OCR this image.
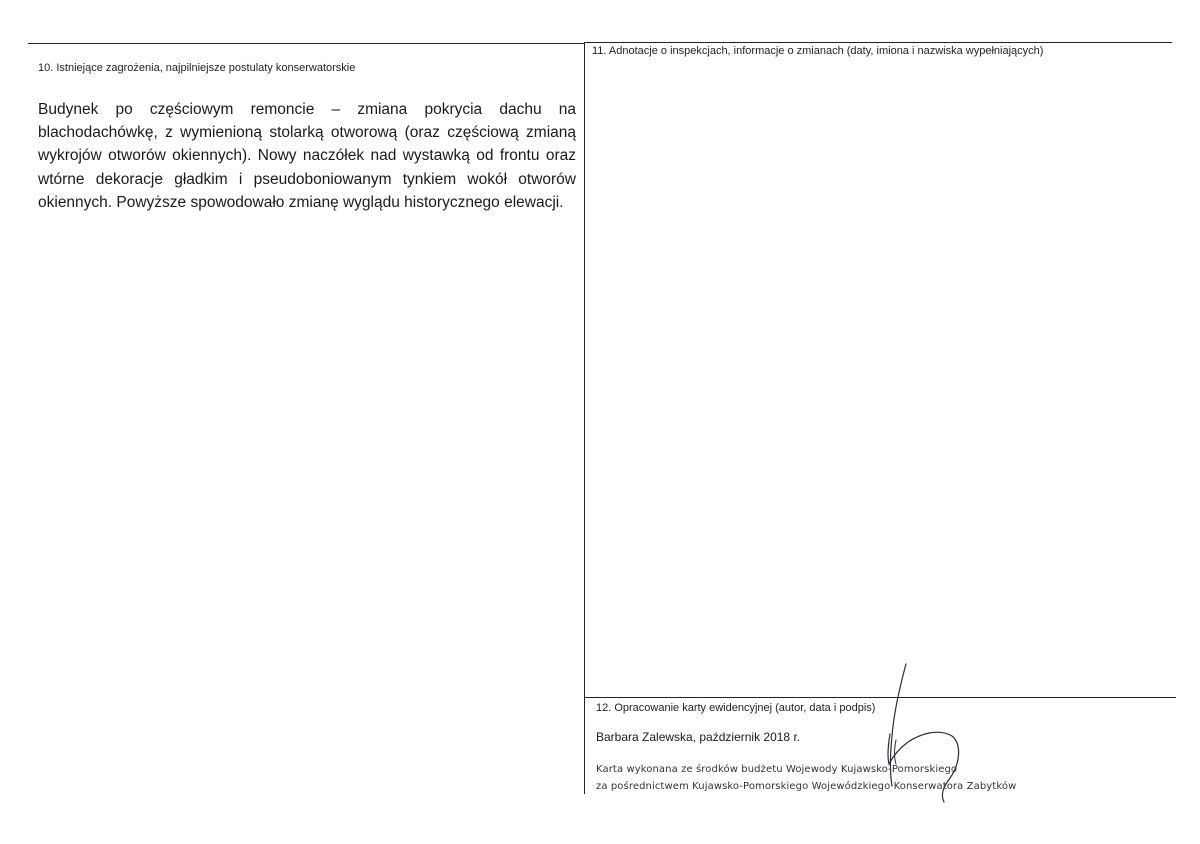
10. Istniejące zagrożenia, najpilniejsze postulaty konserwatorskie
Budynek po częściowym remoncie – zmiana pokrycia dachu na blachodachówkę, z wymienioną stolarką otworową (oraz częściową zmianą wykrojów otworów okiennych). Nowy naczółek nad wystawką od frontu oraz wtórne dekoracje gładkim i pseudoboniowanym tynkiem wokół otworów okiennych. Powyższe spowodowało zmianę wyglądu historycznego elewacji.
11. Adnotacje o inspekcjach, informacje o zmianach (daty, imiona i nazwiska wypełniających)
12. Opracowanie karty ewidencyjnej (autor, data i podpis)
Barbara Zalewska, październik 2018 r.
Karta wykonana ze środków budżetu Wojewody Kujawsko-Pomorskiego
za pośrednictwem Kujawsko-Pomorskiego Wojewódzkiego Konserwatora Zabytków
